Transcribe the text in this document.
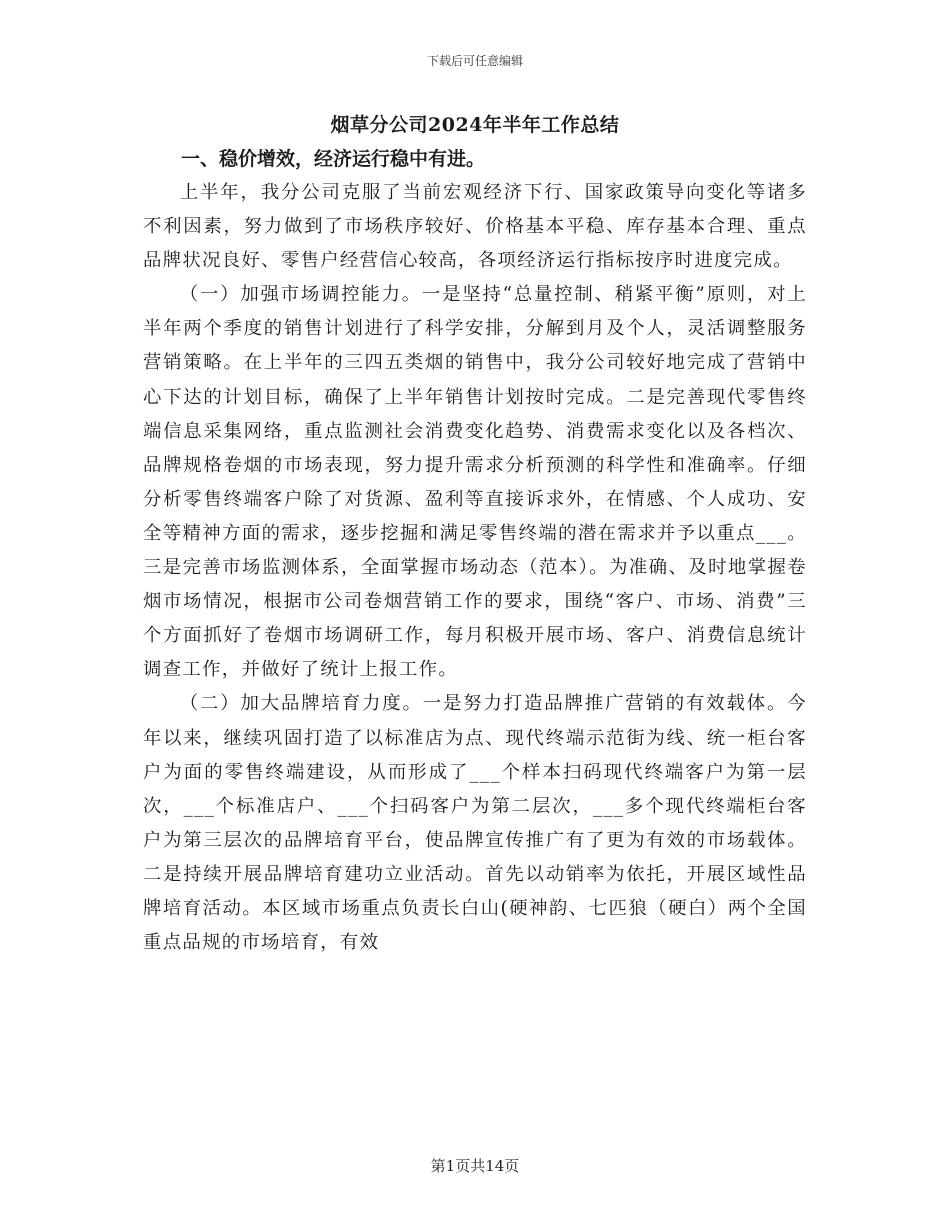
下载后可任意编辑
烟草分公司2024年半年工作总结
一、稳价增效，经济运行稳中有进。

上半年，我分公司克服了当前宏观经济下行、国家政策导向变化等诸多不利因素，努力做到了市场秩序较好、价格基本平稳、库存基本合理、重点品牌状况良好、零售户经营信心较高，各项经济运行指标按序时进度完成。

（一）加强市场调控能力。一是坚持“总量控制、稍紧平衡”原则，对上半年两个季度的销售计划进行了科学安排，分解到月及个人，灵活调整服务营销策略。在上半年的三四五类烟的销售中，我分公司较好地完成了营销中心下达的计划目标，确保了上半年销售计划按时完成。二是完善现代零售终端信息采集网络，重点监测社会消费变化趋势、消费需求变化以及各档次、品牌规格卷烟的市场表现，努力提升需求分析预测的科学性和准确率。仔细分析零售终端客户除了对货源、盈利等直接诉求外，在情感、个人成功、安全等精神方面的需求，逐步挖掘和满足零售终端的潜在需求并予以重点___。三是完善市场监测体系，全面掌握市场动态（范本）。为准确、及时地掌握卷烟市场情况，根据市公司卷烟营销工作的要求，围绕“客户、市场、消费”三个方面抓好了卷烟市场调研工作，每月积极开展市场、客户、消费信息统计调查工作，并做好了统计上报工作。

（二）加大品牌培育力度。一是努力打造品牌推广营销的有效载体。今年以来，继续巩固打造了以标准店为点、现代终端示范街为线、统一柜台客户为面的零售终端建设，从而形成了___个样本扫码现代终端客户为第一层次，___个标准店户、___个扫码客户为第二层次，___多个现代终端柜台客户为第三层次的品牌培育平台，使品牌宣传推广有了更为有效的市场载体。二是持续开展品牌培育建功立业活动。首先以动销率为依托，开展区域性品牌培育活动。本区域市场重点负责长白山(硬神韵、七匹狼（硬白）两个全国重点品规的市场培育，有效

第1页共14页
